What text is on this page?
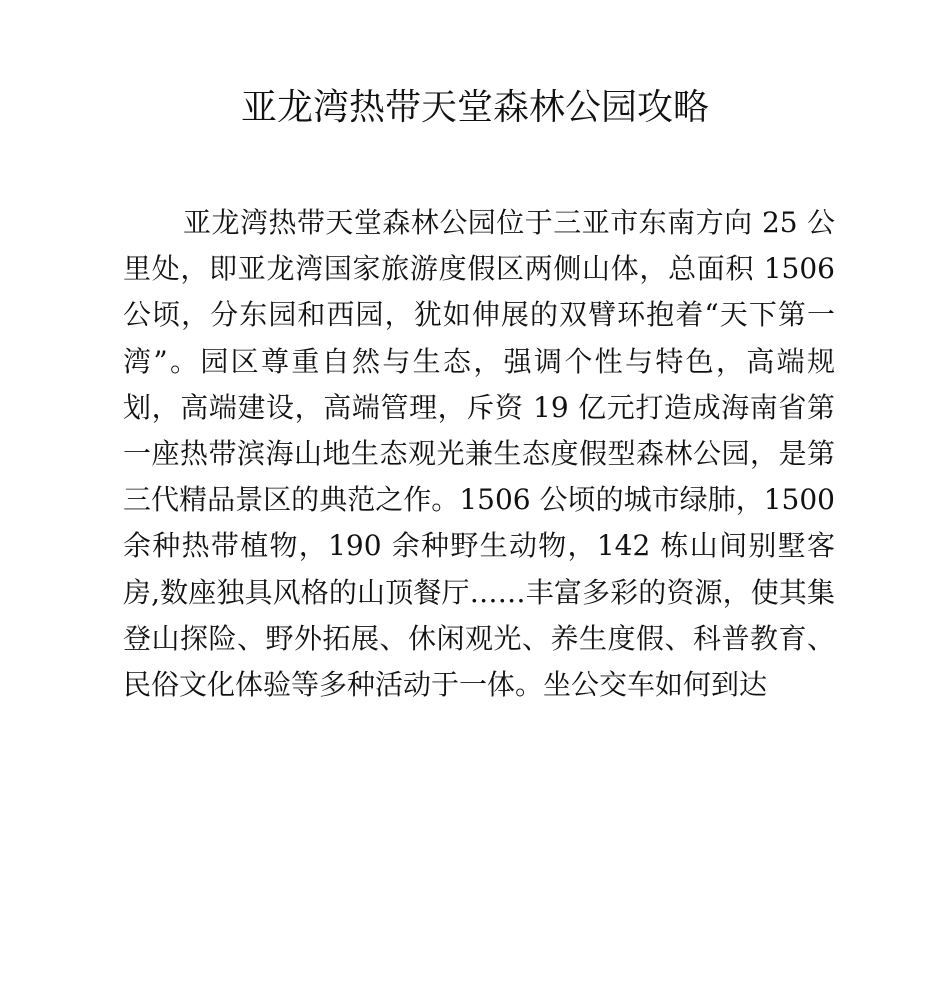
亚龙湾热带天堂森林公园攻略

亚龙湾热带天堂森林公园位于三亚市东南方向 25 公里处，即亚龙湾国家旅游度假区两侧山体，总面积 1506 公顷，分东园和西园，犹如伸展的双臂环抱着“天下第一湾”。园区尊重自然与生态，强调个性与特色，高端规划，高端建设，高端管理，斥资 19 亿元打造成海南省第一座热带滨海山地生态观光兼生态度假型森林公园，是第三代精品景区的典范之作。1506 公顷的城市绿肺，1500 余种热带植物，190 余种野生动物，142 栋山间别墅客房,数座独具风格的山顶餐厅……丰富多彩的资源，使其集登山探险、野外拓展、休闲观光、养生度假、科普教育、民俗文化体验等多种活动于一体。坐公交车如何到达
